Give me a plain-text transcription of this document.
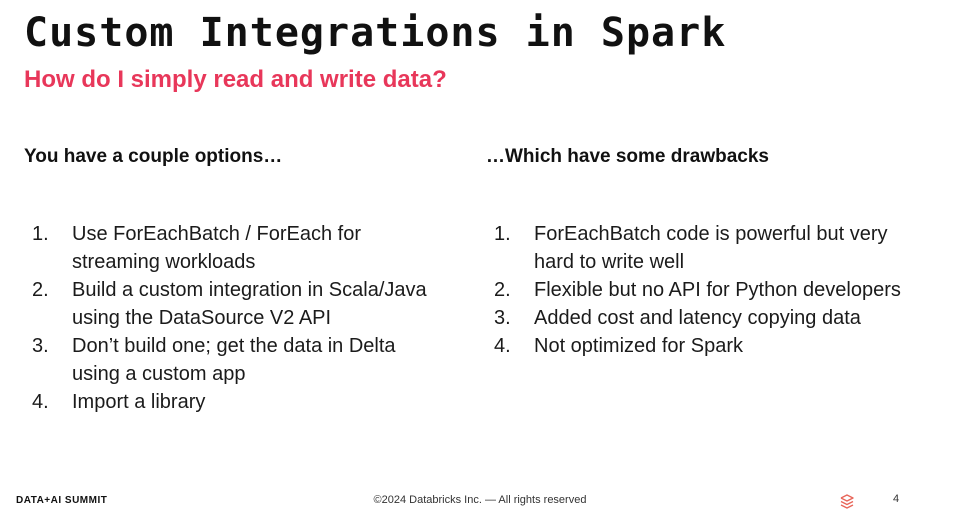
Custom Integrations in Spark
How do I simply read and write data?
You have a couple options…
1.	Use ForEachBatch / ForEach for streaming workloads
2.	Build a custom integration in Scala/Java using the DataSource V2 API
3.	Don’t build one; get the data in Delta using a custom app
4.	Import a library
…Which have some drawbacks
1.	ForEachBatch code is powerful but very hard to write well
2.	Flexible but no API for Python developers
3.	Added cost and latency copying data
4.	Not optimized for Spark
DATA+AI SUMMIT	©2024 Databricks Inc. — All rights reserved	4
